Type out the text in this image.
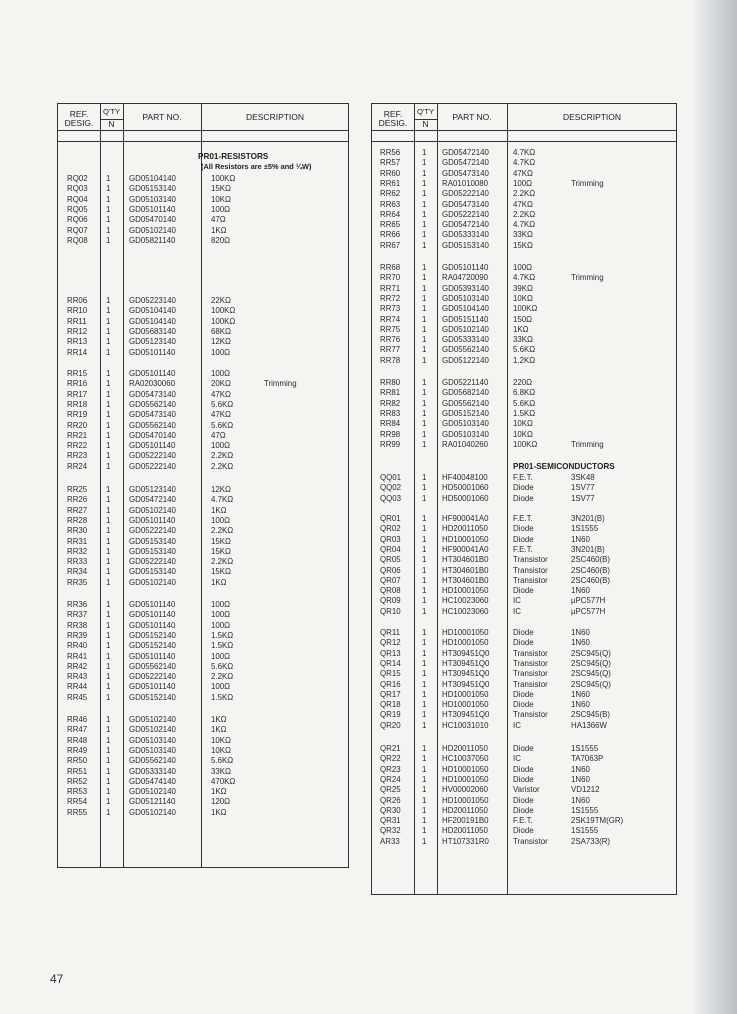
REF.
DESIG.
Q'TY
N
PART NO.	DESCRIPTION
PR01-RESISTORS
(All Resistors are ±5% and ¼W)
RQ02 1 GD05104140	100KΩ
RQ03 1 GD05153140	15KΩ
RQ04 1 GD05103140	10KΩ
RQ05 1 GD05101140	100Ω
RQ06 1 GD05470140	47Ω
RQ07 1 GD05102140	1KΩ
RQ08 1 GD05821140	820Ω
RR06 1 GD05223140	22KΩ
RR10 1 GD05104140	100KΩ
RR11 1 GD05104140	100KΩ
RR12 1 GD05683140	68KΩ
RR13 1 GD05123140	12KΩ
RR14 1 GD05101140	100Ω
RR15 1 GD05101140	100Ω
RR16 1 RA02030060	20KΩ	Trimming
RR17 1 GD05473140	47KΩ
RR18 1 GD05562140	5.6KΩ
RR19 1 GD05473140	47KΩ
RR20 1 GD05562140	5.6KΩ
RR21 1 GD05470140	47Ω
RR22 1 GD05101140	100Ω
RR23 1 GD05222140	2.2KΩ
RR24 1 GD05222140	2.2KΩ
RR25 1 GD05123140	12KΩ
RR26 1 GD05472140	4.7KΩ
RR27 1 GD05102140	1KΩ
RR28 1 GD05101140	100Ω
RR30 1 GD05222140	2.2KΩ
RR31 1 GD05153140	15KΩ
RR32 1 GD05153140	15KΩ
RR33 1 GD05222140	2.2KΩ
RR34 1 GD05153140	15KΩ
RR35 1 GD05102140	1KΩ
RR36 1 GD05101140	100Ω
RR37 1 GD05101140	100Ω
RR38 1 GD05101140	100Ω
RR39 1 GD05152140	1.5KΩ
RR40 1 GD05152140	1.5KΩ
RR41 1 GD05101140	100Ω
RR42 1 GD05562140	5.6KΩ
RR43 1 GD05222140	2.2KΩ
RR44 1 GD05101140	100Ω
RR45 1 GD05152140	1.5KΩ
RR46 1 GD05102140	1KΩ
RR47 1 GD05102140	1KΩ
RR48 1 GD05103140	10KΩ
RR49 1 GD05103140	10KΩ
RR50 1 GD05562140	5.6KΩ
RR51 1 GD05333140	33KΩ
RR52 1 GD05474140	470KΩ
RR53 1 GD05102140	1KΩ
RR54 1 GD05121140	120Ω
RR55 1 GD05102140	1KΩ
REF.
DESIG.
Q'TY
N
PART NO.	DESCRIPTION
PR01-SEMICONDUCTORS
RR56	1 GD05472140	4.7KΩ
RR57	1 GD05472140	4.7KΩ
RR60	1 GD05473140	47KΩ
RR61	1 RA01010080	100Ω	Trimming
RR62	1 GD05222140	2.2KΩ
RR63	1 GD05473140	47KΩ
RR64	1 GD05222140	2.2KΩ
RR65	1 GD05472140	4.7KΩ
RR66	1 GD05333140	33KΩ
RR67	1 GD05153140	15KΩ
RR68	1 GD05101140	100Ω
RR70	1 RA04720090	4.7KΩ	Trimming
RR71	1 GD05393140	39KΩ
RR72	1 GD05103140	10KΩ
RR73	1 GD05104140	100KΩ
RR74	1 GD05151140	150Ω
RR75	1 GD05102140	1KΩ
RR76	1 GD05333140	33KΩ
RR77	1 GD05562140	5.6KΩ
RR78	1 GD05122140	1.2KΩ
RR80	1 GD05221140	220Ω
RR81	1 GD05682140	6.8KΩ
RR82	1 GD05562140	5.6KΩ
RR83	1 GD05152140	1.5KΩ
RR84	1 GD05103140	10KΩ
RR98	1 GD05103140	10KΩ
RR99	1 RA01040260	100KΩ	Trimming
QQ01	1 HF40048100	F.E.T.	3SK48
QQ02	1 HD50001060	Diode	1SV77
QQ03	1 HD50001060	Diode	1SV77
QR01	1 HF900041A0	F.E.T.	3N201(B)
QR02	1 HD20011050	Diode	1S1555
QR03	1 HD10001050	Diode	1N60
QR04	1 HF900041A0	F.E.T.	3N201(B)
QR05	1 HT304601B0	Transistor	2SC460(B)
QR06	1 HT304601B0	Transistor	2SC460(B)
QR07	1 HT304601B0	Transistor	2SC460(B)
QR08	1 HD10001050	Diode	1N60
QR09	1 HC10023060	IC	μPC577H
QR10	1 HC10023060	IC	μPC577H
QR11	1 HD10001050	Diode	1N60
QR12	1 HD10001050	Diode	1N60
QR13	1 HT309451Q0	Transistor	2SC945(Q)
QR14	1 HT309451Q0	Transistor	2SC945(Q)
QR15	1 HT309451Q0	Transistor	2SC945(Q)
QR16	1 HT309451Q0	Transistor	2SC945(Q)
QR17	1 HD10001050	Diode	1N60
QR18	1 HD10001050	Diode	1N60
QR19	1 HT309451Q0	Transistor	2SC945(B)
QR20	1 HC10031010	IC	HA1366W
QR21	1 HD20011050	Diode	1S1555
QR22	1 HC10037050	IC	TA7063P
QR23	1 HD10001050	Diode	1N60
QR24	1 HD10001050	Diode	1N60
QR25	1 HV00002060	Varistor	VD1212
QR26	1 HD10001050	Diode	1N60
QR30	1 HD20011050	Diode	1S1555
QR31	1 HF200191B0	F.E.T.	2SK19TM(GR)
QR32	1 HD20011050	Diode	1S1555
AR33	1 HT107331R0	Transistor	2SA733(R)
47
